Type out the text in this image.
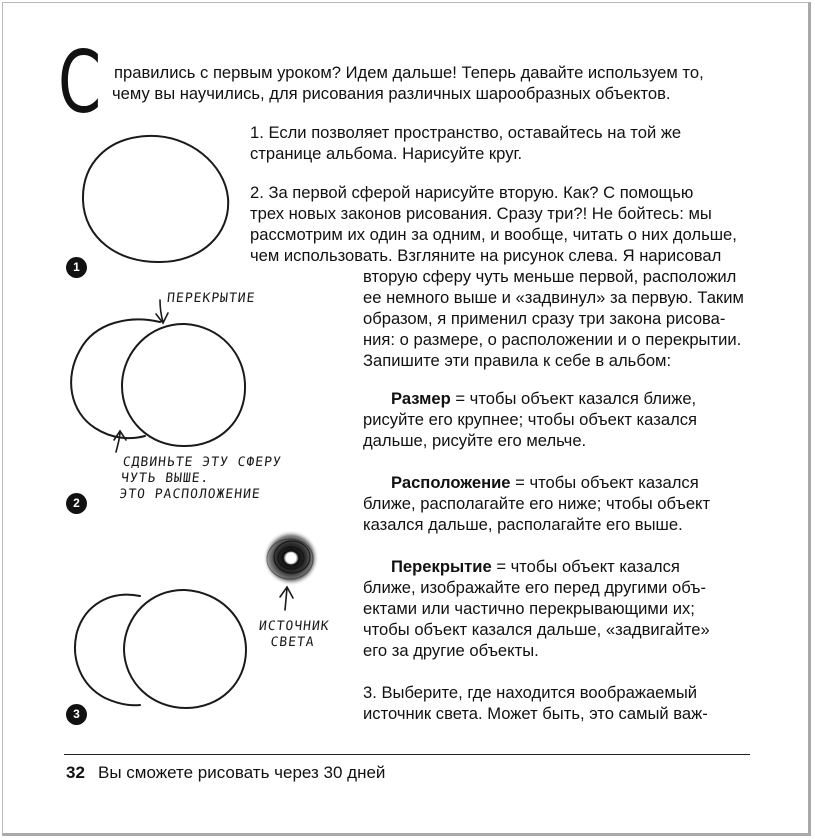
С правились с первым уроком? Идем дальше! Теперь давайте используем то,
чему вы научились, для рисования различных шарообразных объектов.
1. Если позволяет пространство, оставайтесь на той же
странице альбома. Нарисуйте круг.
2. За первой сферой нарисуйте вторую. Как? С помощью
трех новых законов рисования. Сразу три?! Не бойтесь: мы
рассмотрим их один за одним, и вообще, читать о них дольше,
чем использовать. Взгляните на рисунок слева. Я нарисовал
вторую сферу чуть меньше первой, расположил
ее немного выше и «задвинул» за первую. Таким
образом, я применил сразу три закона рисова-
ния: о размере, о расположении и о перекрытии.
Запишите эти правила к себе в альбом:
Размер = чтобы объект казался ближе,
рисуйте его крупнее; чтобы объект казался
дальше, рисуйте его мельче.
Расположение = чтобы объект казался
ближе, располагайте его ниже; чтобы объект
казался дальше, располагайте его выше.
Перекрытие = чтобы объект казался
ближе, изображайте его перед другими объ-
ектами или частично перекрывающими их;
чтобы объект казался дальше, «задвигайте»
его за другие объекты.
3. Выберите, где находится воображаемый
источник света. Может быть, это самый важ-
ПЕРЕКРЫТИЕ
СДВИНЬТЕ ЭТУ СФЕРУ
ЧУТЬ ВЫШЕ.
ЭТО РАСПОЛОЖЕНИЕ
ИСТОЧНИК
СВЕТА
1
2
3
32 Вы сможете рисовать через 30 дней
